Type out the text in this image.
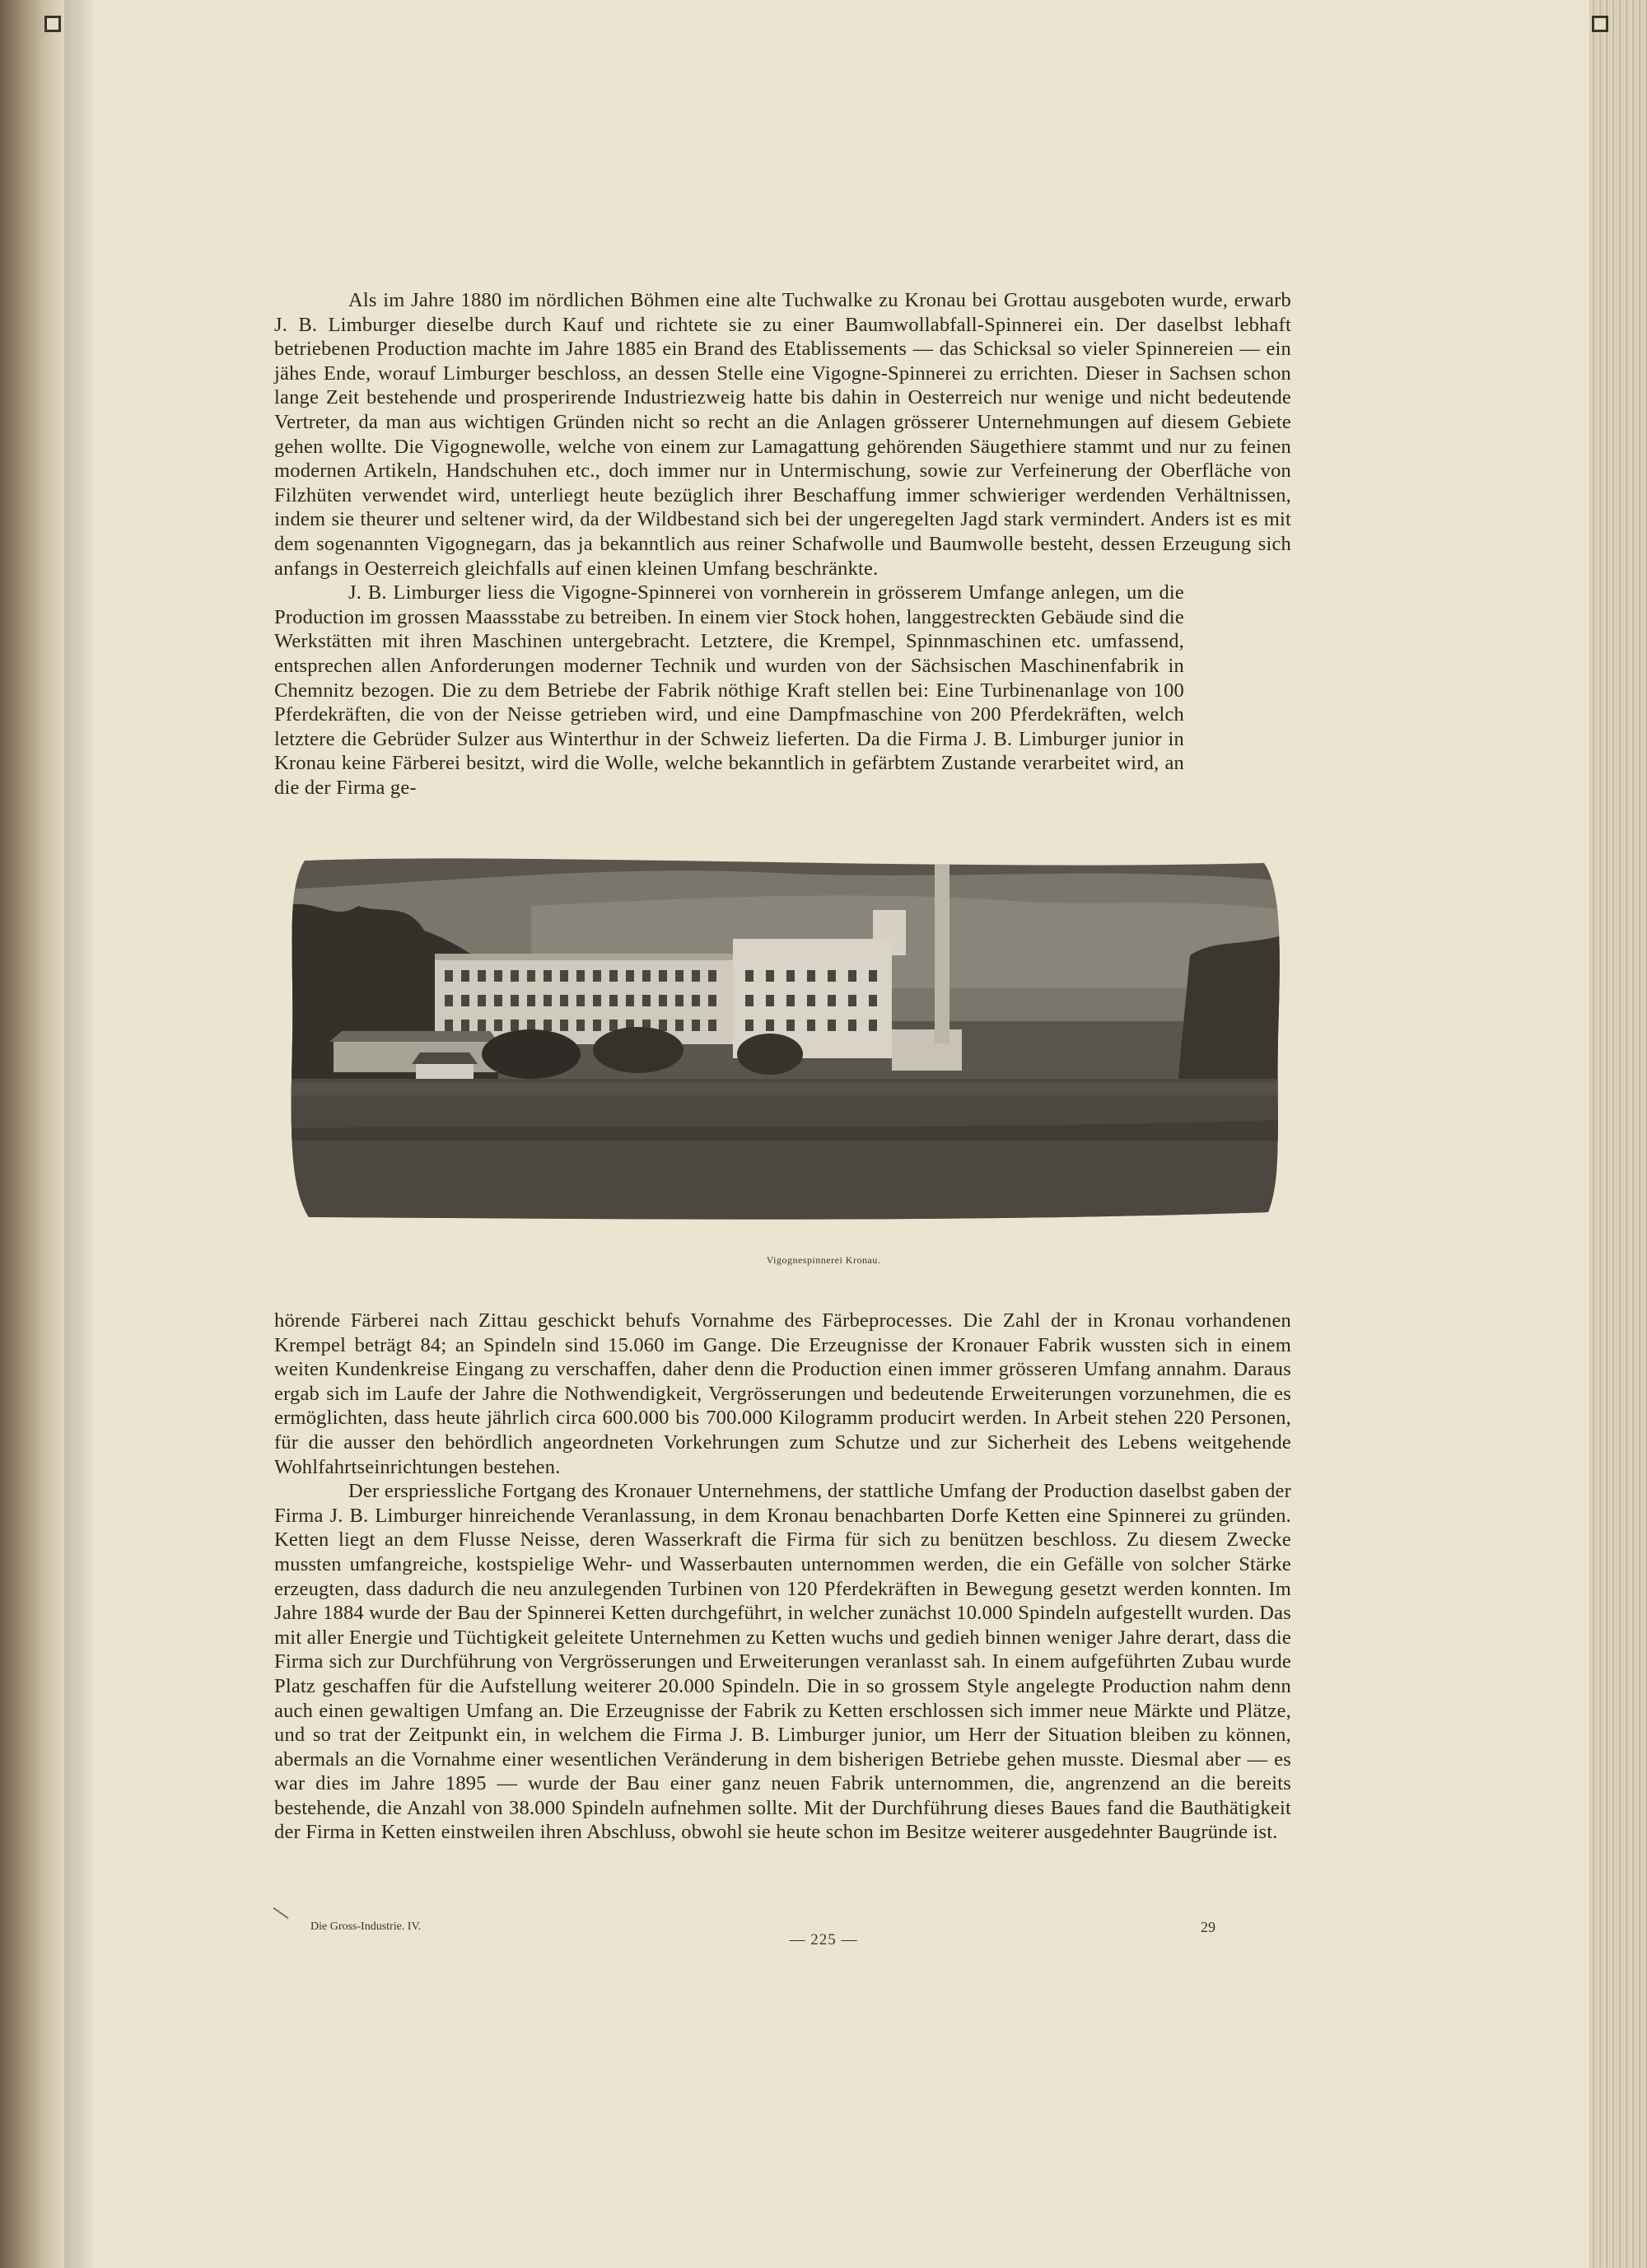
Als im Jahre 1880 im nördlichen Böhmen eine alte Tuchwalke zu Kronau bei Grottau ausgeboten wurde, erwarb J. B. Limburger dieselbe durch Kauf und richtete sie zu einer Baumwollabfall-Spinnerei ein. Der daselbst lebhaft betriebenen Production machte im Jahre 1885 ein Brand des Etablissements — das Schicksal so vieler Spinnereien — ein jähes Ende, worauf Limburger beschloss, an dessen Stelle eine Vigogne-Spinnerei zu errichten. Dieser in Sachsen schon lange Zeit bestehende und prosperirende Industriezweig hatte bis dahin in Oesterreich nur wenige und nicht bedeutende Vertreter, da man aus wichtigen Gründen nicht so recht an die Anlagen grösserer Unternehmungen auf diesem Gebiete gehen wollte. Die Vigognewolle, welche von einem zur Lamagattung gehörenden Säugethiere stammt und nur zu feinen modernen Artikeln, Handschuhen etc., doch immer nur in Untermischung, sowie zur Verfeinerung der Oberfläche von Filzhüten verwendet wird, unterliegt heute bezüglich ihrer Beschaffung immer schwieriger werdenden Verhältnissen, indem sie theurer und seltener wird, da der Wildbestand sich bei der ungeregelten Jagd stark vermindert. Anders ist es mit dem sogenannten Vigognegarn, das ja bekanntlich aus reiner Schafwolle und Baumwolle besteht, dessen Erzeugung sich anfangs in Oesterreich gleichfalls auf einen kleinen Umfang beschränkte.

J. B. Limburger liess die Vigogne-Spinnerei von vornherein in grösserem Umfange anlegen, um die Production im grossen Maassstabe zu betreiben. In einem vier Stock hohen, langgestreckten Gebäude sind die Werkstätten mit ihren Maschinen untergebracht. Letztere, die Krempel, Spinnmaschinen etc. umfassend, entsprechen allen Anforderungen moderner Technik und wurden von der Sächsischen Maschinenfabrik in Chemnitz bezogen. Die zu dem Betriebe der Fabrik nöthige Kraft stellen bei: Eine Turbinenanlage von 100 Pferdekräften, die von der Neisse getrieben wird, und eine Dampfmaschine von 200 Pferdekräften, welch letztere die Gebrüder Sulzer aus Winterthur in der Schweiz lieferten. Da die Firma J. B. Limburger junior in Kronau keine Färberei besitzt, wird die Wolle, welche bekanntlich in gefärbtem Zustande verarbeitet wird, an die der Firma ge-

Vigognespinnerei Kronau.

hörende Färberei nach Zittau geschickt behufs Vornahme des Färbeprocesses. Die Zahl der in Kronau vorhandenen Krempel beträgt 84; an Spindeln sind 15.060 im Gange. Die Erzeugnisse der Kronauer Fabrik wussten sich in einem weiten Kundenkreise Eingang zu verschaffen, daher denn die Production einen immer grösseren Umfang annahm. Daraus ergab sich im Laufe der Jahre die Nothwendigkeit, Vergrösserungen und bedeutende Erweiterungen vorzunehmen, die es ermöglichten, dass heute jährlich circa 600.000 bis 700.000 Kilogramm producirt werden. In Arbeit stehen 220 Personen, für die ausser den behördlich angeordneten Vorkehrungen zum Schutze und zur Sicherheit des Lebens weitgehende Wohlfahrtseinrichtungen bestehen.

Der erspriessliche Fortgang des Kronauer Unternehmens, der stattliche Umfang der Production daselbst gaben der Firma J. B. Limburger hinreichende Veranlassung, in dem Kronau benachbarten Dorfe Ketten eine Spinnerei zu gründen. Ketten liegt an dem Flusse Neisse, deren Wasserkraft die Firma für sich zu benützen beschloss. Zu diesem Zwecke mussten umfangreiche, kostspielige Wehr- und Wasserbauten unternommen werden, die ein Gefälle von solcher Stärke erzeugten, dass dadurch die neu anzulegenden Turbinen von 120 Pferdekräften in Bewegung gesetzt werden konnten. Im Jahre 1884 wurde der Bau der Spinnerei Ketten durchgeführt, in welcher zunächst 10.000 Spindeln aufgestellt wurden. Das mit aller Energie und Tüchtigkeit geleitete Unternehmen zu Ketten wuchs und gedieh binnen weniger Jahre derart, dass die Firma sich zur Durchführung von Vergrösserungen und Erweiterungen veranlasst sah. In einem aufgeführten Zubau wurde Platz geschaffen für die Aufstellung weiterer 20.000 Spindeln. Die in so grossem Style angelegte Production nahm denn auch einen gewaltigen Umfang an. Die Erzeugnisse der Fabrik zu Ketten erschlossen sich immer neue Märkte und Plätze, und so trat der Zeitpunkt ein, in welchem die Firma J. B. Limburger junior, um Herr der Situation bleiben zu können, abermals an die Vornahme einer wesentlichen Veränderung in dem bisherigen Betriebe gehen musste. Diesmal aber — es war dies im Jahre 1895 — wurde der Bau einer ganz neuen Fabrik unternommen, die, angrenzend an die bereits bestehende, die Anzahl von 38.000 Spindeln aufnehmen sollte. Mit der Durchführung dieses Baues fand die Bauthätigkeit der Firma in Ketten einstweilen ihren Abschluss, obwohl sie heute schon im Besitze weiterer ausgedehnter Baugründe ist.

Die Gross-Industrie. IV.
— 225 —
29
